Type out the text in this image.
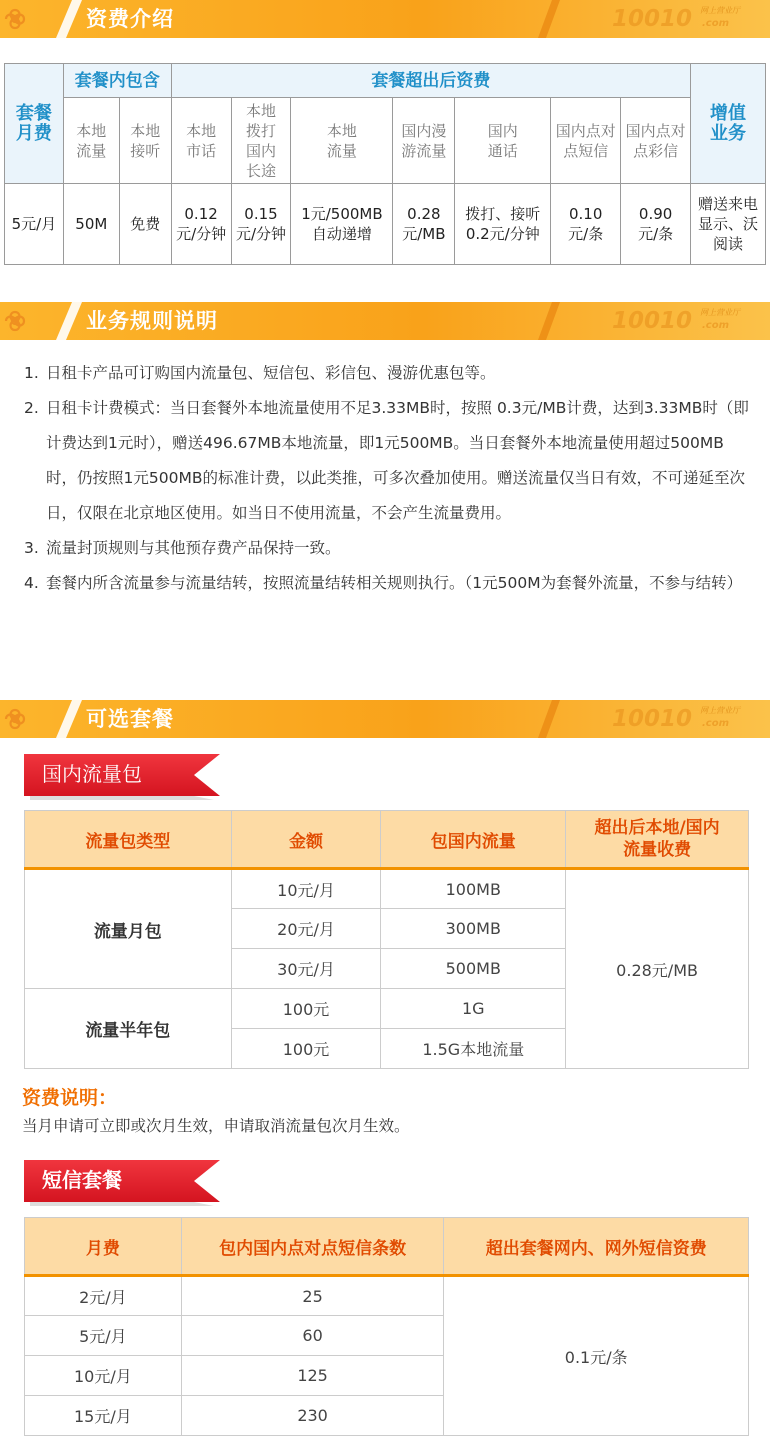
资费介绍	10010 网上营业厅
.com
套餐月费	套餐内包含		套餐超出后资费							增值业务
	本地流量	本地接听	本地市话	本地拨打国内长途	本地流量	国内漫游流量	国内通话	国内点对点短信	国内点对点彩信	
5元/月	50M	免费	0.12元/分钟	0.15元/分钟	1元/500MB自动递增	0.28元/MB	拨打、接听0.2元/分钟	0.10元/条	0.90元/条	赠送来电显示、沃阅读
业务规则说明	10010 网上营业厅
.com
1. 日租卡产品可订购国内流量包、短信包、彩信包、漫游优惠包等。
2. 日租卡计费模式：当日套餐外本地流量使用不足3.33MB时，按照 0.3元/MB计费，达到3.33MB时（即计费达到1元时），赠送496.67MB本地流量，即1元500MB。当日套餐外本地流量使用超过500MB时，仍按照1元500MB的标准计费，以此类推，可多次叠加使用。赠送流量仅当日有效，不可递延至次日，仅限在北京地区使用。如当日不使用流量，不会产生流量费用。
3. 流量封顶规则与其他预存费产品保持一致。
4. 套餐内所含流量参与流量结转，按照流量结转相关规则执行。（1元500M为套餐外流量，不参与结转）
可选套餐	10010 网上营业厅
.com
国内流量包
流量包类型	金额	包国内流量	超出后本地/国内流量收费
流量月包	10元/月	100MB	0.28元/MB
	20元/月	300MB	
	30元/月	500MB	
流量半年包	100元	1G	
	100元	1.5G本地流量	
资费说明：
当月申请可立即或次月生效，申请取消流量包次月生效。
短信套餐
月费	包内国内点对点短信条数	超出套餐网内、网外短信资费
2元/月	25	0.1元/条
5元/月	60	
10元/月	125	
15元/月	230	
